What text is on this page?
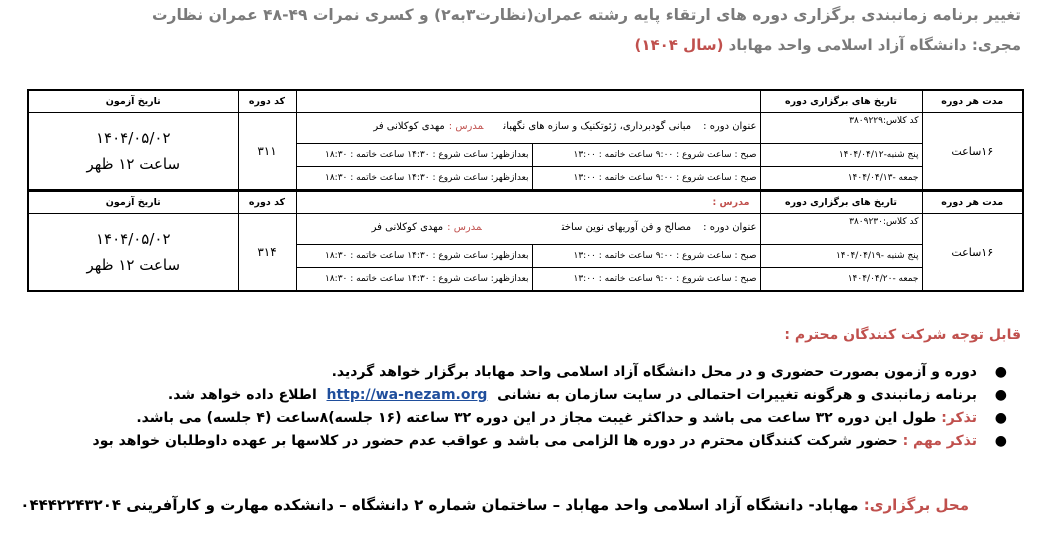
تغییر برنامه زمانبندی برگزاری دوره های ارتقاء پایه رشته عمران(نظارت۳به۲) و کسری نمرات ۴۹-۴۸ عمران نظارت
مجری: دانشگاه آزاد اسلامی واحد مهاباد (سال ۱۴۰۴)
مدت هر دوره	تاریخ های برگزاری دوره			کد دوره	تاریخ آزمون
۱۶ساعت	کد کلاس:۳۸۰۹۲۲۹	عنوان دوره :مبانی گودبرداری، ژئوتکنیک و سازه های نگهبانمدرس :مهدی کوکلانی فر		۳۱۱	۱۴۰۴/۰۵/۰۲
ساعت ۱۲ ظهر

	پنج شنبه-۱۴۰۴/۰۴/۱۲	صبح : ساعت شروع : ۹:۰۰ ساعت خاتمه : ۱۳:۰۰	بعدازظهر: ساعت شروع : ۱۴:۳۰ ساعت خاتمه : ۱۸:۳۰		
	جمعه -۱۴۰۴/۰۴/۱۳	صبح : ساعت شروع : ۹:۰۰ ساعت خاتمه : ۱۳:۰۰	بعدازظهر: ساعت شروع : ۱۴:۳۰ ساعت خاتمه : ۱۸:۳۰		
مدت هر دوره	تاریخ های برگزاری دوره	مدرس :		کد دوره	تاریخ آزمون
۱۶ساعت	کد کلاس:۳۸۰۹۲۳۰	عنوان دوره :مصالح و فن آوریهای نوین ساختمدرس :مهدی کوکلانی فر		۳۱۴	۱۴۰۴/۰۵/۰۲
ساعت ۱۲ ظهر

	پنج شنبه -۱۴۰۴/۰۴/۱۹	صبح : ساعت شروع : ۹:۰۰ ساعت خاتمه : ۱۳:۰۰	بعدازظهر: ساعت شروع : ۱۴:۳۰ ساعت خاتمه : ۱۸:۳۰		
	جمعه -۱۴۰۴/۰۴/۲۰	صبح : ساعت شروع : ۹:۰۰ ساعت خاتمه : ۱۳:۰۰	بعدازظهر: ساعت شروع : ۱۴:۳۰ ساعت خاتمه : ۱۸:۳۰		
قابل توجه شرکت کنندگان محترم :
●
دوره و آزمون بصورت حضوری و در محل دانشگاه آزاد اسلامی واحد مهاباد برگزار خواهد گردید.
●
برنامه زمانبندی و هرگونه تغییرات احتمالی در سایت سازمان به نشانی  http://wa-nezam.org  اطلاع داده خواهد شد.
●
تذکر: طول این دوره ۳۲ ساعت می باشد و حداکثر غیبت مجاز در این دوره ۳۲ ساعته (۱۶ جلسه)۸ساعت (۴ جلسه) می باشد.
●
تذکر مهم : حضور شرکت کنندگان محترم در دوره ها الزامی می باشد و عواقب عدم حضور در کلاسها بر عهده داوطلبان خواهد بود
محل برگزاری: مهاباد- دانشگاه آزاد اسلامی واحد مهاباد – ساختمان شماره ۲ دانشگاه – دانشکده مهارت و کارآفرینی ۰۴۴۴۲۲۴۳۲۰۴
